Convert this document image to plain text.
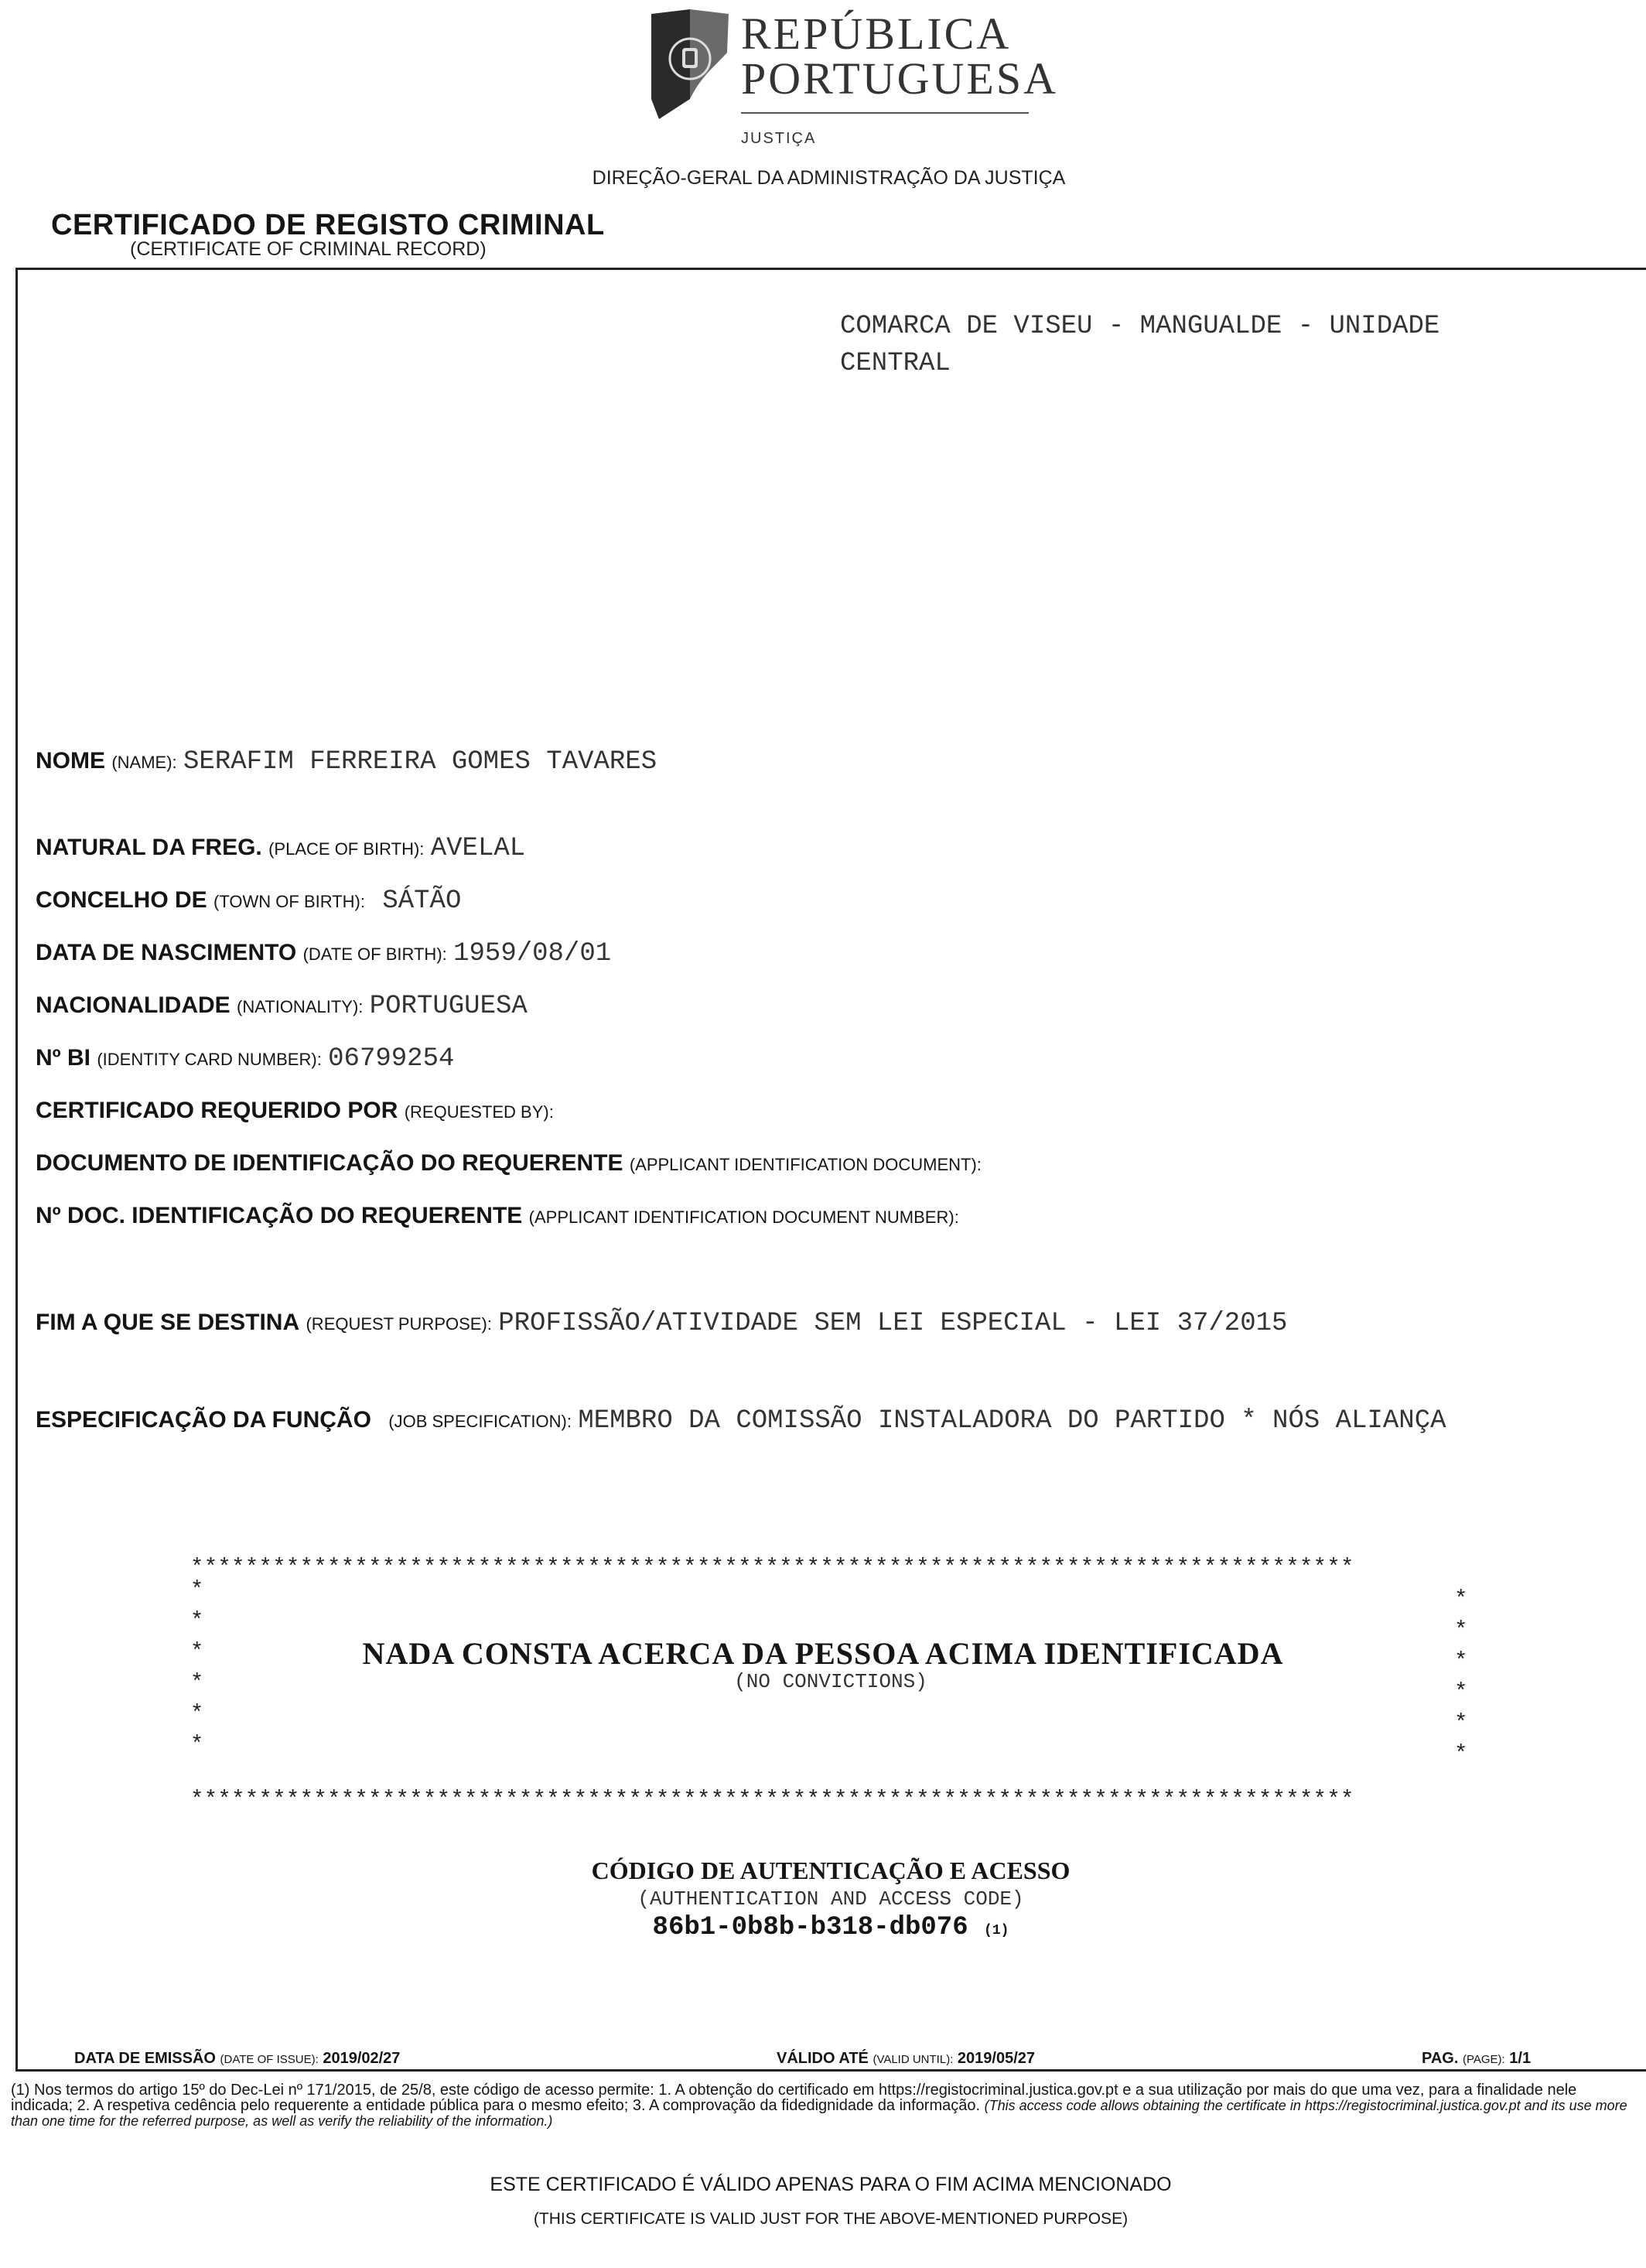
REPÚBLICA
PORTUGUESA
JUSTIÇA
DIREÇÃO-GERAL DA ADMINISTRAÇÃO DA JUSTIÇA
CERTIFICADO DE REGISTO CRIMINAL
(CERTIFICATE OF CRIMINAL RECORD)
COMARCA DE VISEU - MANGUALDE - UNIDADE CENTRAL
NOME (NAME): SERAFIM FERREIRA GOMES TAVARES
NATURAL DA FREG. (PLACE OF BIRTH): AVELAL
CONCELHO DE (TOWN OF BIRTH): SÁTÃO
DATA DE NASCIMENTO (DATE OF BIRTH): 1959/08/01
NACIONALIDADE (NATIONALITY): PORTUGUESA
Nº BI (IDENTITY CARD NUMBER): 06799254
CERTIFICADO REQUERIDO POR (REQUESTED BY):
DOCUMENTO DE IDENTIFICAÇÃO DO REQUERENTE (APPLICANT IDENTIFICATION DOCUMENT):
Nº DOC. IDENTIFICAÇÃO DO REQUERENTE (APPLICANT IDENTIFICATION DOCUMENT NUMBER):
FIM A QUE SE DESTINA (REQUEST PURPOSE): PROFISSÃO/ATIVIDADE SEM LEI ESPECIAL - LEI 37/2015
ESPECIFICAÇÃO DA FUNÇÃO (JOB SPECIFICATION): MEMBRO DA COMISSÃO INSTALADORA DO PARTIDO * NÓS ALIANÇA
*************************************************************************************
*
*
*
*
*
*
*
*
*
*
*
*
*************************************************************************************
NADA CONSTA ACERCA DA PESSOA ACIMA IDENTIFICADA
(NO CONVICTIONS)
CÓDIGO DE AUTENTICAÇÃO E ACESSO
(AUTHENTICATION AND ACCESS CODE)
86b1-0b8b-b318-db076 (1)
DATA DE EMISSÃO (DATE OF ISSUE): 2019/02/27	VÁLIDO ATÉ (VALID UNTIL): 2019/05/27	PAG. (PAGE): 1/1
(1) Nos termos do artigo 15º do Dec-Lei nº 171/2015, de 25/8, este código de acesso permite: 1. A obtenção do certificado em https://registocriminal.justica.gov.pt e a sua utilização por mais do que uma vez, para a finalidade nele indicada; 2. A respetiva cedência pelo requerente a entidade pública para o mesmo efeito; 3. A comprovação da fidedignidade da informação. (This access code allows obtaining the certificate in https://registocriminal.justica.gov.pt and its use more than one time for the referred purpose, as well as verify the reliability of the information.)
ESTE CERTIFICADO É VÁLIDO APENAS PARA O FIM ACIMA MENCIONADO
(THIS CERTIFICATE IS VALID JUST FOR THE ABOVE-MENTIONED PURPOSE)
